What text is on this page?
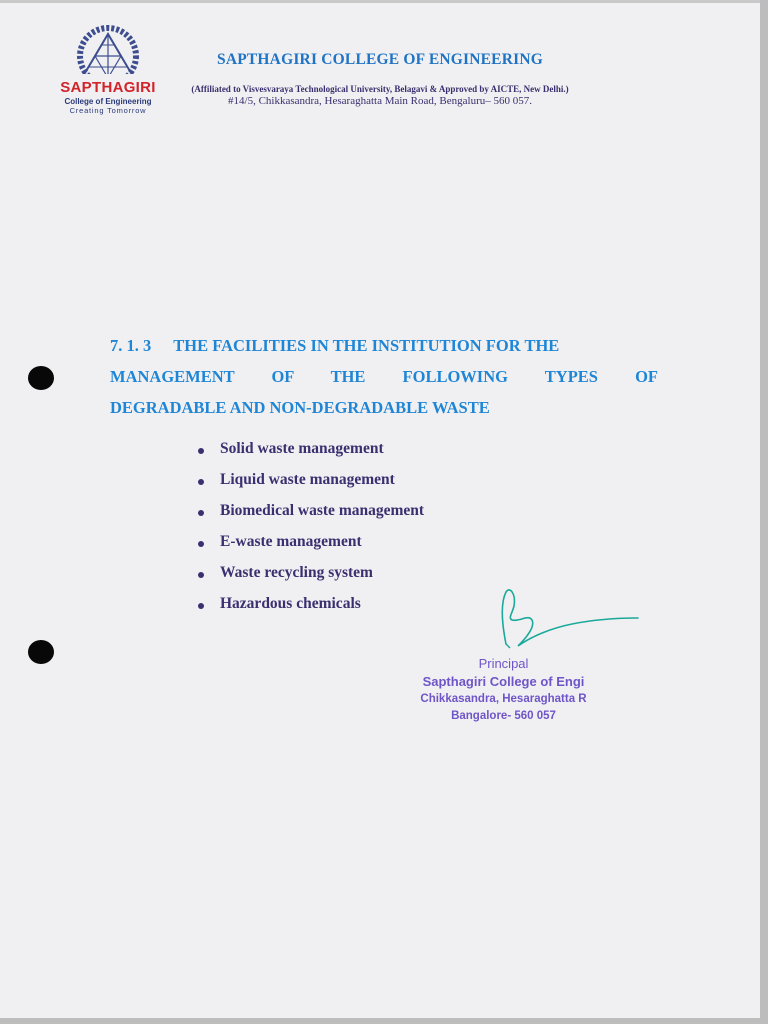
SAPTHAGIRI
College of Engineering
Creating Tomorrow
SAPTHAGIRI COLLEGE OF ENGINEERING
(Affiliated to Visvesvaraya Technological University, Belagavi & Approved by AICTE, New Delhi.)
#14/5, Chikkasandra, Hesaraghatta Main Road, Bengaluru– 560 057.
7. 1. 3 THE FACILITIES IN THE INSTITUTION FOR THE
MANAGEMENT OF THE FOLLOWING TYPES OF
DEGRADABLE AND NON-DEGRADABLE WASTE
Solid waste management
Liquid waste management
Biomedical waste management
E-waste management
Waste recycling system
Hazardous chemicals
Principal
Sapthagiri College of Engi
Chikkasandra, Hesaraghatta R
Bangalore- 560 057
